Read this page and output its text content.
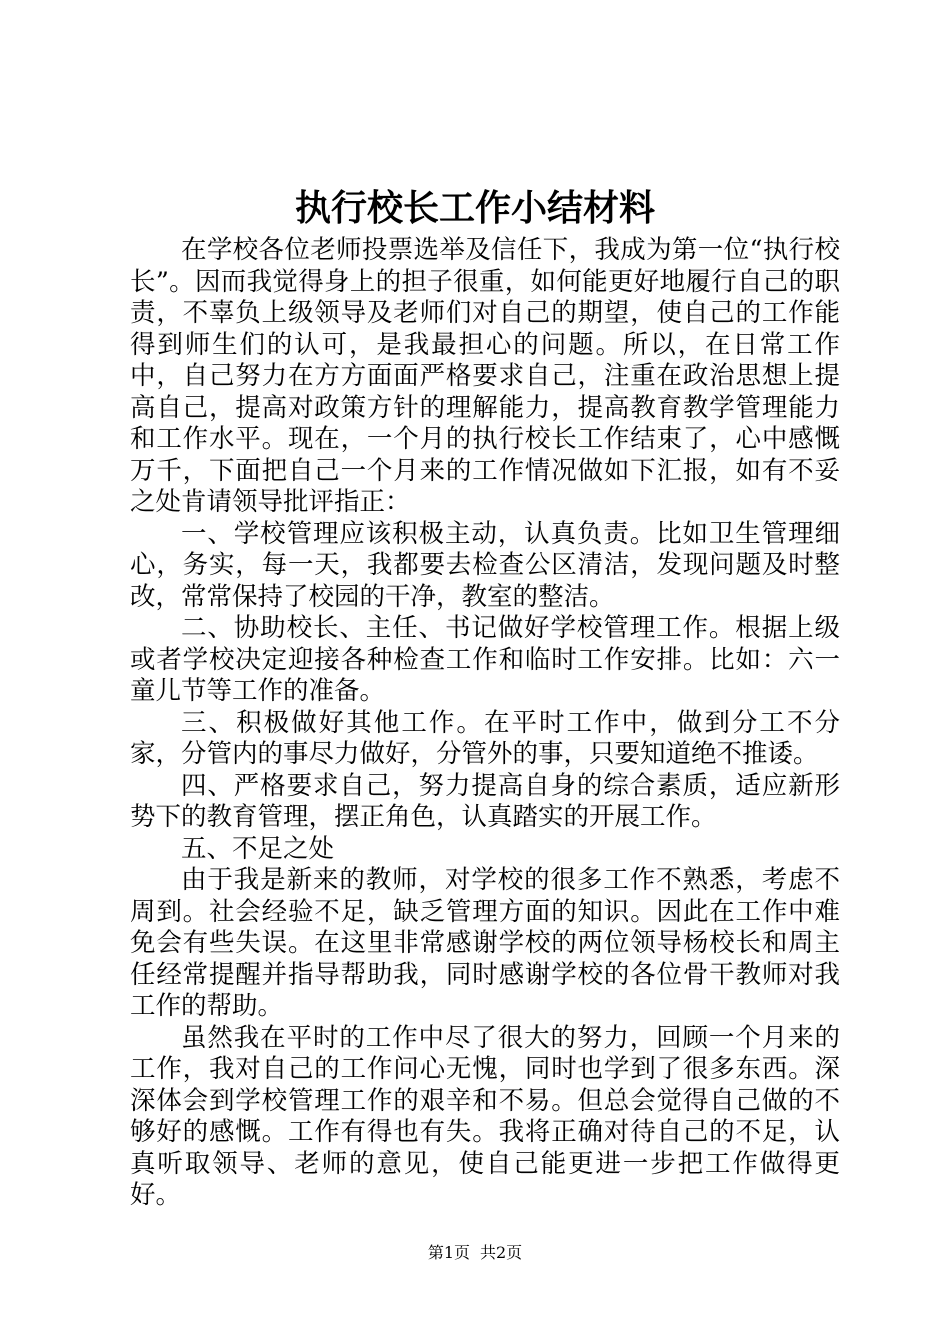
执行校长工作小结材料

在学校各位老师投票选举及信任下，我成为第一位“执行校长”。因而我觉得身上的担子很重，如何能更好地履行自己的职责，不辜负上级领导及老师们对自己的期望，使自己的工作能得到师生们的认可，是我最担心的问题。所以，在日常工作中，自己努力在方方面面严格要求自己，注重在政治思想上提高自己，提高对政策方针的理解能力，提高教育教学管理能力和工作水平。现在，一个月的执行校长工作结束了，心中感慨万千，下面把自己一个月来的工作情况做如下汇报，如有不妥之处肯请领导批评指正：

一、学校管理应该积极主动，认真负责。比如卫生管理细心，务实，每一天，我都要去检查公区清洁，发现问题及时整改，常常保持了校园的干净，教室的整洁。

二、协助校长、主任、书记做好学校管理工作。根据上级或者学校决定迎接各种检查工作和临时工作安排。比如：六一童儿节等工作的准备。

三、积极做好其他工作。在平时工作中，做到分工不分家，分管内的事尽力做好，分管外的事，只要知道绝不推诿。

四、严格要求自己，努力提高自身的综合素质，适应新形势下的教育管理，摆正角色，认真踏实的开展工作。

五、不足之处

由于我是新来的教师，对学校的很多工作不熟悉，考虑不周到。社会经验不足，缺乏管理方面的知识。因此在工作中难免会有些失误。在这里非常感谢学校的两位领导杨校长和周主任经常提醒并指导帮助我，同时感谢学校的各位骨干教师对我工作的帮助。

虽然我在平时的工作中尽了很大的努力，回顾一个月来的工作，我对自己的工作问心无愧，同时也学到了很多东西。深深体会到学校管理工作的艰辛和不易。但总会觉得自己做的不够好的感慨。工作有得也有失。我将正确对待自己的不足，认真听取领导、老师的意见，使自己能更进一步把工作做得更好。

第1页 共2页
